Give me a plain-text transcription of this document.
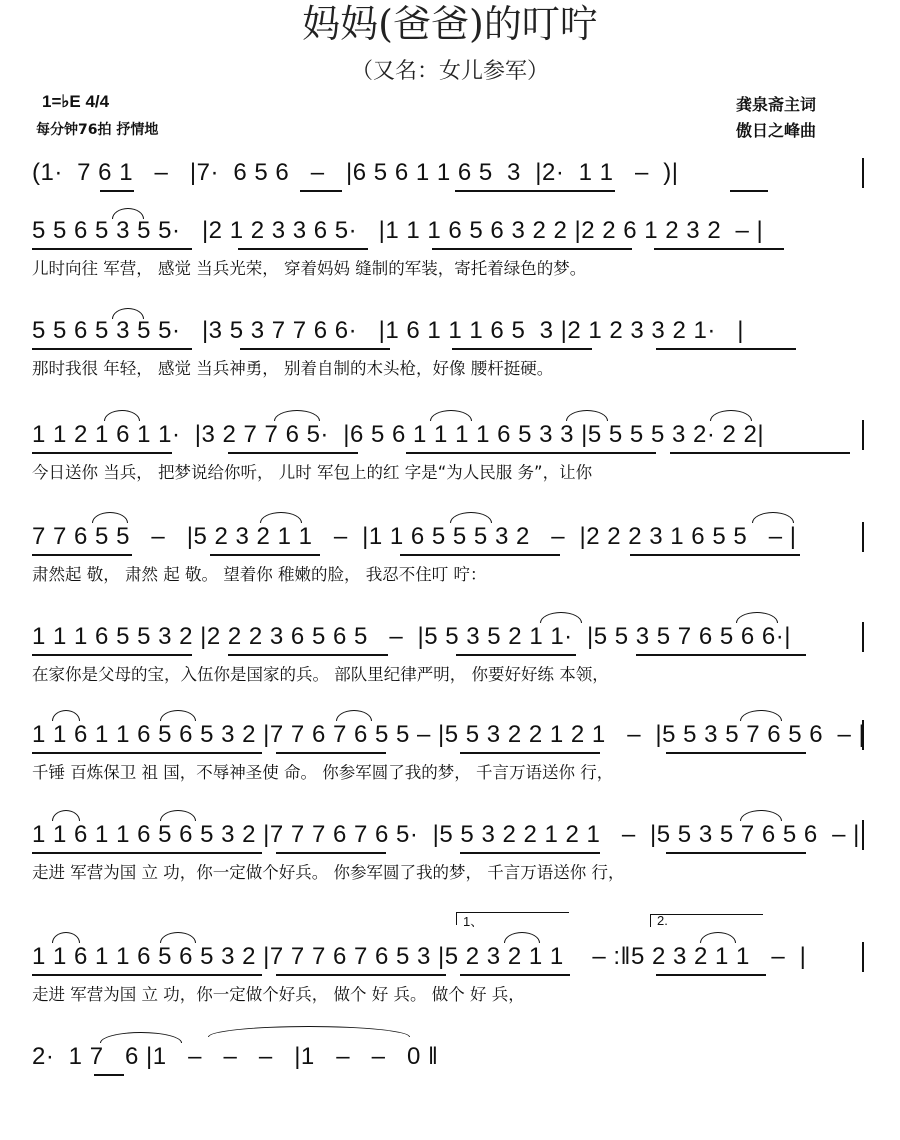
妈妈(爸爸)的叮咛
（又名：女儿参军）
1=♭E 4/4
每分钟76拍 抒情地
龚泉斋主词
傲日之峰曲
(1·  7 6 1   –   |7·  6 5 6   –   |6 5 6 1 1 6 5  3  |2·  1 1   –  )|
5 5 6 5 3 5 5·   |2 1 2 3 3 6 5·   |1 1 1 6 5 6 3 2 2 |2 2 6 1 2 3 2  – |
儿时向往 军营， 感觉 当兵光荣， 穿着妈妈 缝制的军装，寄托着绿色的梦。
5 5 6 5 3 5 5·   |3 5 3 7 7 6 6·   |1 6 1 1 1 6 5  3 |2 1 2 3 3 2 1·   |
那时我很 年轻， 感觉 当兵神勇， 别着自制的木头枪，好像 腰杆挺硬。
1 1 2 1 6 1 1·  |3 2 7 7 6 5·  |6 5 6 1 1 1 1 6 5 3 3 |5 5 5 5 3 2· 2 2|
今日送你 当兵， 把梦说给你听， 儿时 军包上的红 字是“为人民服 务”，让你
7 7 6 5 5   –   |5 2 3 2 1 1   –  |1 1 6 5 5 5 3 2   –  |2 2 2 3 1 6 5 5   – |
肃然起 敬， 肃然 起 敬。 望着你 稚嫩的脸， 我忍不住叮 咛：
1 1 1 6 5 5 3 2 |2 2 2 3 6 5 6 5   –  |5 5 3 5 2 1 1·  |5 5 3 5 7 6 5 6 6·|
在家你是父母的宝，入伍你是国家的兵。 部队里纪律严明， 你要好好练 本领，
1 1 6 1 1 6 5 6 5 3 2 |7 7 6 7 6 5 5 – |5 5 3 2 2 1 2 1   –  |5 5 3 5 7 6 5 6  – |
千锤 百炼保卫 祖 国，不辱神圣使 命。 你参军圆了我的梦， 千言万语送你 行，
1 1 6 1 1 6 5 6 5 3 2 |7 7 7 6 7 6 5·  |5 5 3 2 2 1 2 1   –  |5 5 3 5 7 6 5 6  – |
走进 军营为国 立 功，你一定做个好兵。 你参军圆了我的梦， 千言万语送你 行，
1、	2.
1 1 6 1 1 6 5 6 5 3 2 |7 7 7 6 7 6 5 3 |5 2 3 2 1 1    – :‖5 2 3 2 1 1   –  |
走进 军营为国 立 功，你一定做个好兵， 做个 好 兵。 做个 好 兵，
2·  1 7   6 |1   –   –   –   |1   –   –   0 ‖
